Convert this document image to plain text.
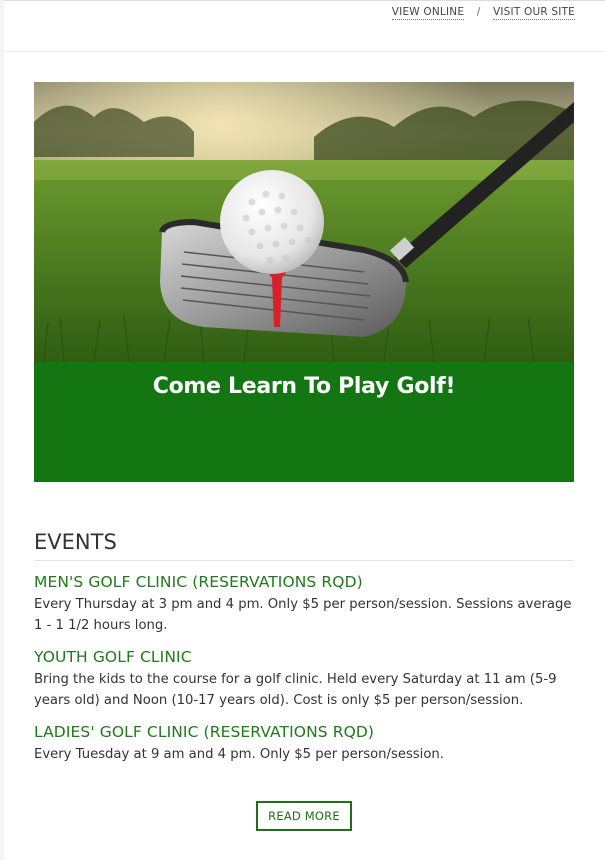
VIEW ONLINE / VISIT OUR SITE
Come Learn To Play Golf!
EVENTS

MEN'S GOLF CLINIC (RESERVATIONS RQD)

Every Thursday at 3 pm and 4 pm. Only $5 per person/session. Sessions average 1 - 1 1/2 hours long.

YOUTH GOLF CLINIC

Bring the kids to the course for a golf clinic. Held every Saturday at 11 am (5-9 years old) and Noon (10-17 years old). Cost is only $5 per person/session.

LADIES' GOLF CLINIC (RESERVATIONS RQD)

Every Tuesday at 9 am and 4 pm. Only $5 per person/session.

READ MORE
